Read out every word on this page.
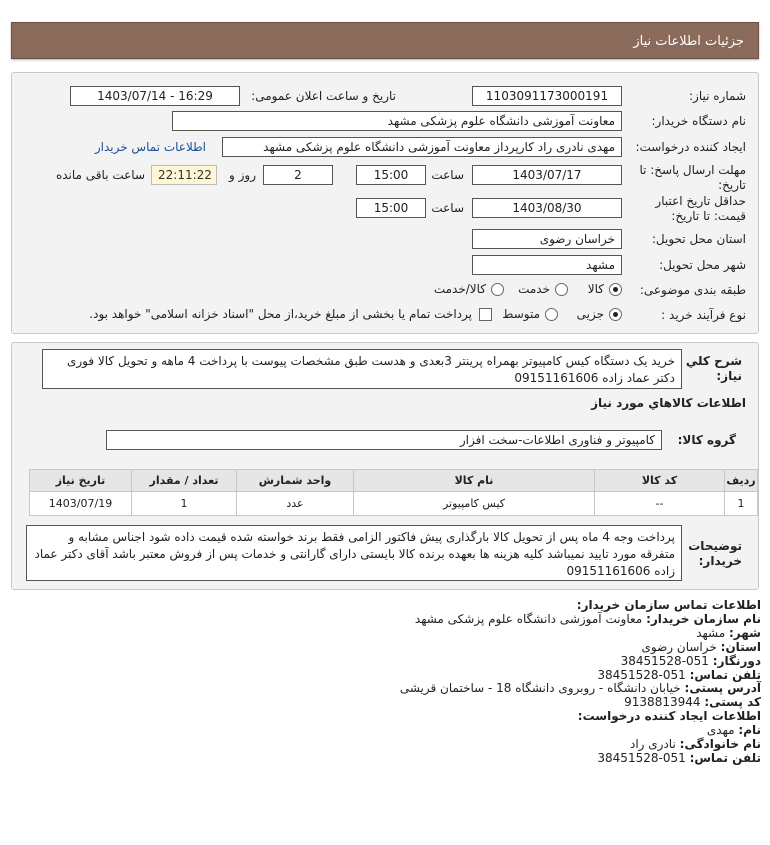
جزئیات اطلاعات نیاز
شماره نیاز:
1103091173000191
تاریخ و ساعت اعلان عمومی:
1403/07/14 - 16:29
نام دستگاه خریدار:
معاونت آموزشی دانشگاه علوم پزشکی مشهد
ایجاد کننده درخواست:
مهدی نادری راد کارپرداز معاونت آموزشی دانشگاه علوم پزشکی مشهد
اطلاعات تماس خریدار
مهلت ارسال پاسخ: تا
تاریخ:
1403/07/17
ساعت
15:00
2
روز و
22:11:22
ساعت باقی مانده
حداقل تاریخ اعتبار
قیمت: تا تاریخ:
1403/08/30
ساعت
15:00
استان محل تحویل:
خراسان رضوی
شهر محل تحویل:
مشهد
طبقه بندی موضوعی:
کالا
خدمت
کالا/خدمت
نوع فرآیند خرید :
جزیی
متوسط
پرداخت تمام یا بخشی از مبلغ خرید،از محل "اسناد خزانه اسلامی" خواهد بود.
شرح کلي
نیاز:
خرید یک دستگاه کیس کامپیوتر بهمراه پرینتر 3بعدی و هدست طبق مشخصات پیوست با پرداخت 4 ماهه و تحویل کالا فوری دکتر عماد زاده 09151161606
اطلاعات کالاهاي مورد نیاز
گروه کالا:
کامپیوتر و فناوری اطلاعات-سخت افزار
ردیف	کد کالا	نام کالا	واحد شمارش	تعداد / مقدار	تاریخ نیاز
1	--	کیس کامپیوتر	عدد	1	1403/07/19
توضیحات
خریدار:
پرداخت وجه 4 ماه پس از تحویل کالا بارگذاری پیش فاکتور الزامی فقط برند خواسته شده قیمت داده شود اجناس مشابه و متفرقه مورد تایید نمیباشد کلیه هزینه ها بعهده برنده کالا بایستی دارای گارانتی و خدمات پس از فروش معتبر باشد آقای دکتر عماد زاده 09151161606
اطلاعات تماس سازمان خریدار:
نام سازمان خریدار: معاونت آموزشی دانشگاه علوم پزشکی مشهد
شهر: مشهد
استان: خراسان رضوی
دورنگار: 051-38451528
تلفن تماس: 051-38451528
آدرس پستی: خیابان دانشگاه - روبروی دانشگاه 18 - ساختمان قریشی
کد پستی: 9138813944
اطلاعات ایجاد کننده درخواست:
نام: مهدی
نام خانوادگی: نادری راد
تلفن تماس: 051-38451528
